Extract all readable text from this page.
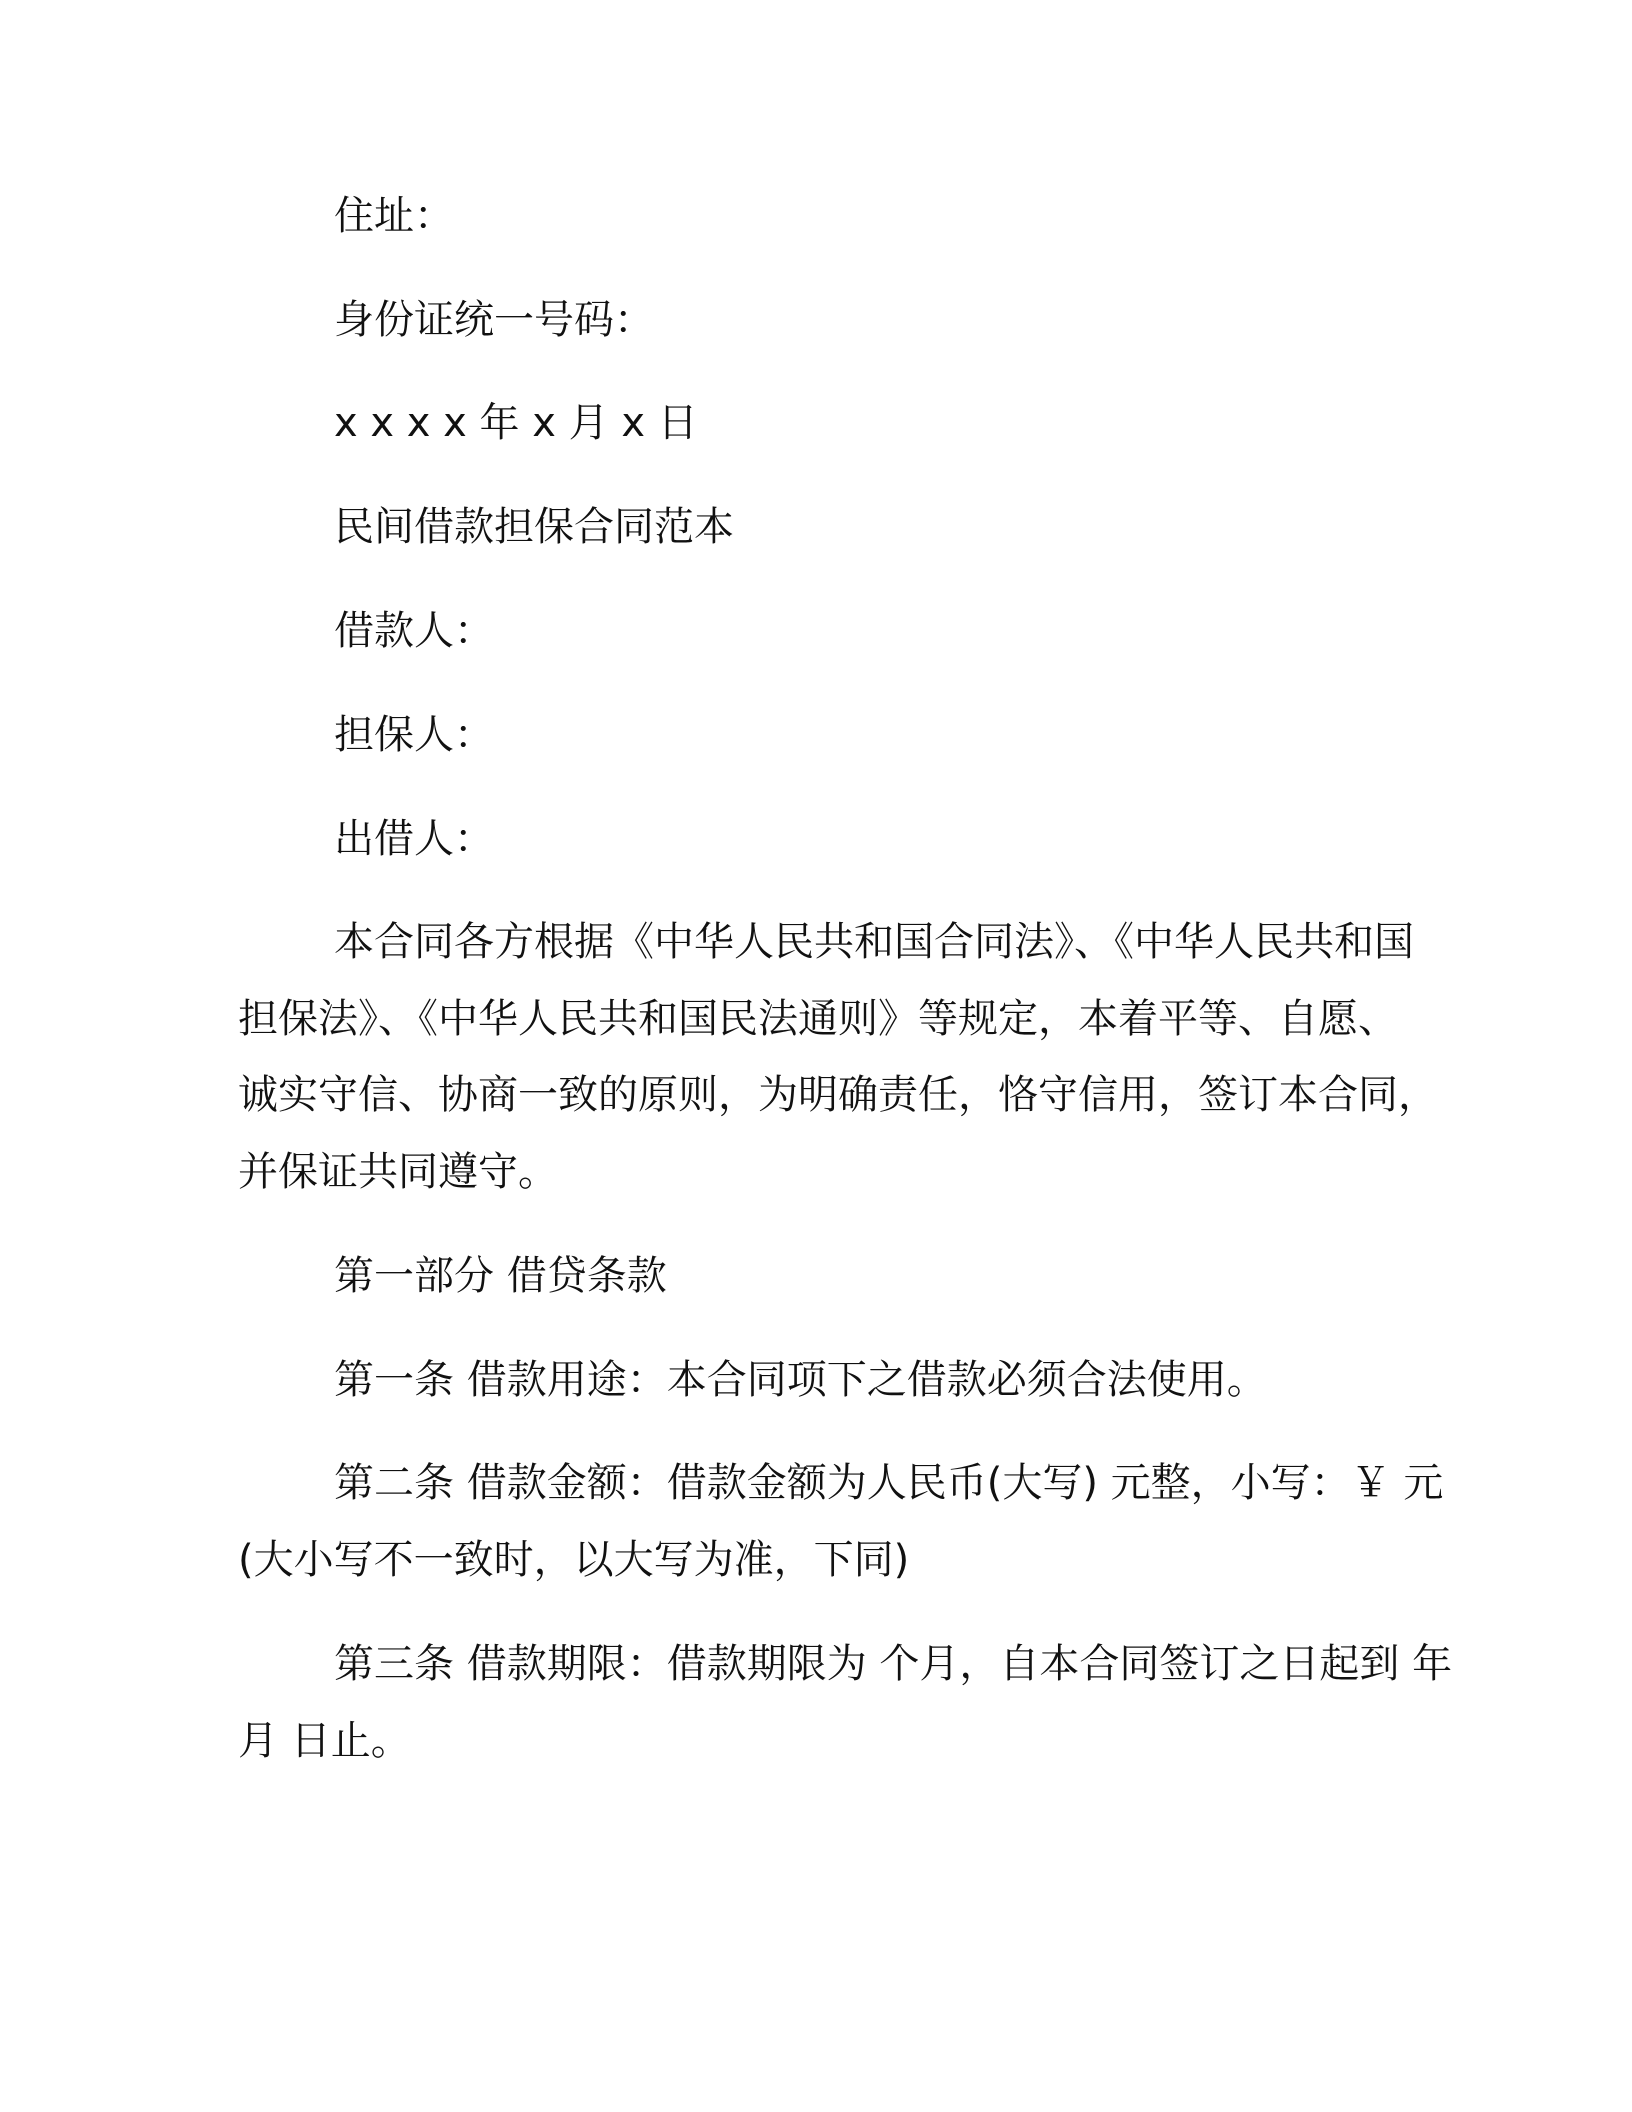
住址：
身份证统一号码：
x x x x 年 x 月 x 日
民间借款担保合同范本
借款人：
担保人：
出借人：
本合同各方根据《中华人民共和国合同法》、《中华人民共和国
担保法》、《中华人民共和国民法通则》等规定，本着平等、自愿、
诚实守信、协商一致的原则，为明确责任，恪守信用，签订本合同，
并保证共同遵守。
第一部分 借贷条款
第一条 借款用途：本合同项下之借款必须合法使用。
第二条 借款金额：借款金额为人民币(大写) 元整，小写：￥ 元
(大小写不一致时，以大写为准，下同)
第三条 借款期限：借款期限为 个月，自本合同签订之日起到 年
月 日止。
